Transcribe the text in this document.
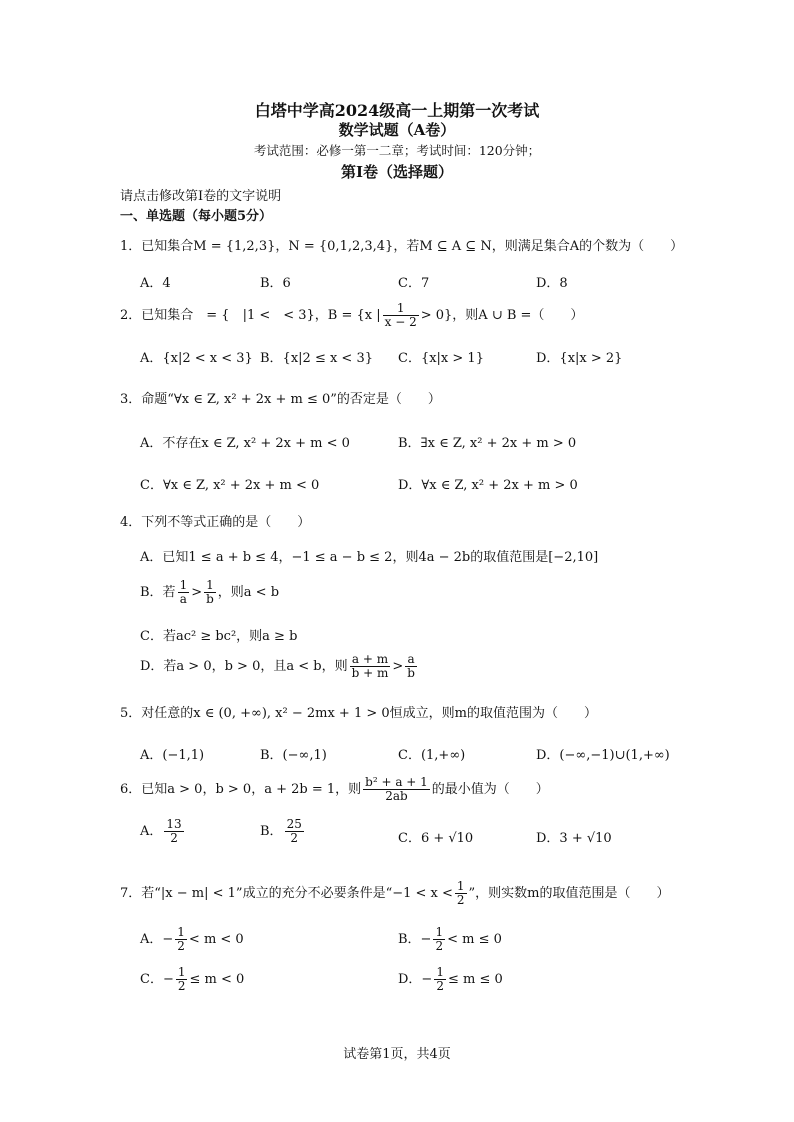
白塔中学高2024级高一上期第一次考试
数学试题（A卷）
考试范围：必修一第一二章；考试时间：120分钟；
第Ⅰ卷（选择题）
请点击修改第Ⅰ卷的文字说明
一、单选题（每小题5分）
1．已知集合M = {1,2,3}，N = {0,1,2,3,4}，若M ⊆ A ⊆ N，则满足集合A的个数为（　　）
A．4	B．6	C．7	D．8
2．已知集合　= {　|1 <　< 3}，B = {x | $\frac{1}{x - 2} > 0$}，则A ∪ B =（　　）
A．{x|2 < x < 3} B．{x|2 ≤ x < 3} C．{x|x > 1}	D．{x|x > 2}
3．命题“∀x ∈ Z, x² + 2x + m ≤ 0”的否定是（　　）
A．不存在x ∈ Z, x² + 2x + m < 0	B．∃x ∈ Z, x² + 2x + m > 0
C．∀x ∈ Z, x² + 2x + m < 0	D．∀x ∈ Z, x² + 2x + m > 0
4．下列不等式正确的是（　　）
A．已知1 ≤ a + b ≤ 4，−1 ≤ a − b ≤ 2，则4a − 2b的取值范围是[−2,10]
B．若 $\frac{1}{a} > \frac{1}{b}$ ，则a < b
C．若ac² ≥ bc²，则a ≥ b
D．若a > 0，b > 0，且a < b，则 $\frac{a + m}{b + m} > \frac{a}{b}$
5．对任意的x ∈ (0, +∞), x² − 2mx + 1 > 0恒成立，则m的取值范围为（　　）
A．(−1,1)	B．(−∞,1)	C．(1,+∞)	D．(−∞,−1)∪(1,+∞)
6．已知a > 0，b > 0，a + 2b = 1，则 $\frac{\text{b² + a + 1}}{2ab}$ 的最小值为（　　）
A． $\frac{13}{2}$	B． $\frac{25}{2}$	C．6 + √10	D．3 + √10
7．若“|x − m| < 1”成立的充分不必要条件是“$-1 < x < \frac{1}{2}$ ”，则实数m的取值范围是（　　）
A．− $\frac{1}{2} < m < 0$	B．− $\frac{1}{2} < m \le 0$
C．− $\frac{1}{2} \le m < 0$	D．− $\frac{1}{2} \le m \le 0$
试卷第1页，共4页
